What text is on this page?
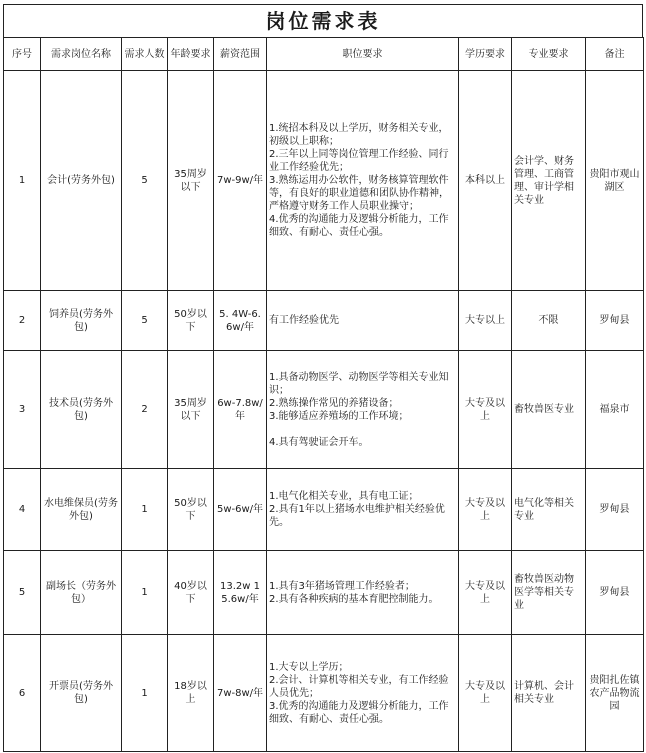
岗位需求表
序号	需求岗位名称	需求人数	年龄要求	薪资范围	职位要求	学历要求	专业要求	备注
1	会计(劳务外包)	5	35周岁以下	7w-9w/年	1.统招本科及以上学历，财务相关专业，初级以上职称；
2.三年以上同等岗位管理工作经验、同行业工作经验优先；
3.熟练运用办公软件，财务核算管理软件等，有良好的职业道德和团队协作精神，严格遵守财务工作人员职业操守；
4.优秀的沟通能力及逻辑分析能力，工作细致、有耐心、责任心强。	本科以上	会计学、财务管理、工商管理、审计学相关专业	贵阳市观山湖区
2	饲养员(劳务外包)	5	50岁以下	5. 4W-6.6w/年	有工作经验优先	大专以上	不限	罗甸县
3	技术员(劳务外包)	2	35周岁以下	6w-7.8w/年	1.具备动物医学、动物医学等相关专业知识；
2.熟练操作常见的养猪设备；
3.能够适应养殖场的工作环境；
4.具有驾驶证会开车。	大专及以上	畜牧兽医专业	福泉市
4	水电维保员(劳务外包)	1	50岁以下	5w-6w/年	1.电气化相关专业，具有电工证；
2.具有1年以上猪场水电维护相关经验优先。	大专及以上	电气化等相关专业	罗甸县
5	副场长（劳务外包）	1	40岁以下	13.2w 15.6w/年	1.具有3年猪场管理工作经验者；
2.具有各种疾病的基本育肥控制能力。	大专及以上	畜牧兽医动物医学等相关专业	罗甸县
6	开票员(劳务外包)	1	18岁以上	7w-8w/年	1.大专以上学历；
2.会计、计算机等相关专业，有工作经验人员优先；
3.优秀的沟通能力及逻辑分析能力，工作细致、有耐心、责任心强。	大专及以上	计算机、会计相关专业	贵阳扎佐镇农产品物流园
